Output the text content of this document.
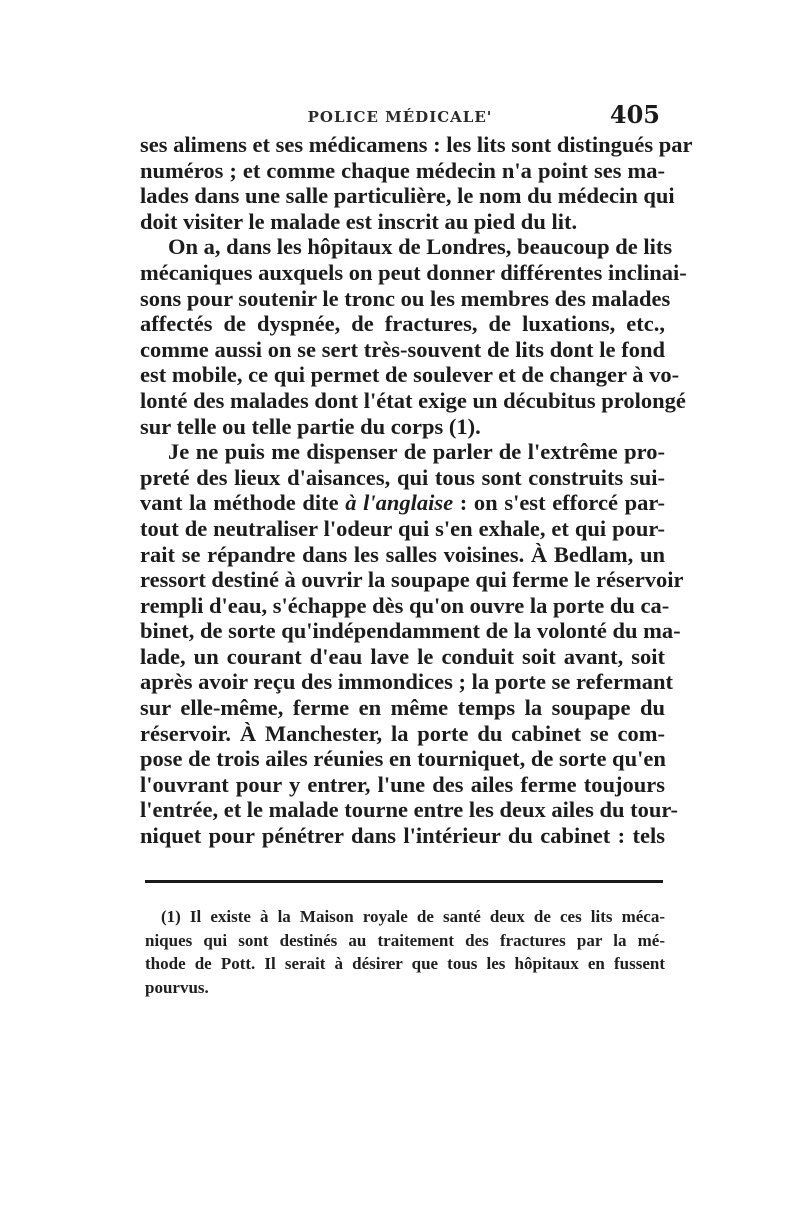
POLICE MÉDICALE'	405
ses alimens et ses médicamens : les lits sont distingués par
numéros ; et comme chaque médecin n'a point ses ma-
lades dans une salle particulière, le nom du médecin qui
doit visiter le malade est inscrit au pied du lit.
On a, dans les hôpitaux de Londres, beaucoup de lits
mécaniques auxquels on peut donner différentes inclinai-
sons pour soutenir le tronc ou les membres des malades
affectés de dyspnée, de fractures, de luxations, etc.,
comme aussi on se sert très-souvent de lits dont le fond
est mobile, ce qui permet de soulever et de changer à vo-
lonté des malades dont l'état exige un décubitus prolongé
sur telle ou telle partie du corps (1).
Je ne puis me dispenser de parler de l'extrême pro-
preté des lieux d'aisances, qui tous sont construits sui-
vant la méthode dite à l'anglaise : on s'est efforcé par-
tout de neutraliser l'odeur qui s'en exhale, et qui pour-
rait se répandre dans les salles voisines. À Bedlam, un
ressort destiné à ouvrir la soupape qui ferme le réservoir
rempli d'eau, s'échappe dès qu'on ouvre la porte du ca-
binet, de sorte qu'indépendamment de la volonté du ma-
lade, un courant d'eau lave le conduit soit avant, soit
après avoir reçu des immondices ; la porte se refermant
sur elle-même, ferme en même temps la soupape du
réservoir. À Manchester, la porte du cabinet se com-
pose de trois ailes réunies en tourniquet, de sorte qu'en
l'ouvrant pour y entrer, l'une des ailes ferme toujours
l'entrée, et le malade tourne entre les deux ailes du tour-
niquet pour pénétrer dans l'intérieur du cabinet : tels
(1) Il existe à la Maison royale de santé deux de ces lits méca-
niques qui sont destinés au traitement des fractures par la mé-
thode de Pott. Il serait à désirer que tous les hôpitaux en fussent
pourvus.
